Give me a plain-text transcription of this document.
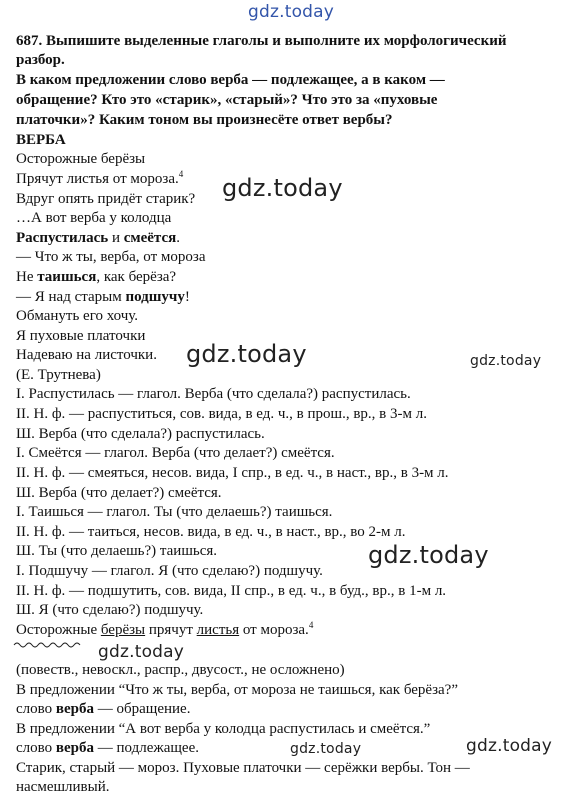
gdz.today
687. Выпишите выделенные глаголы и выполните их морфологический
разбор.
В каком предложении слово верба — подлежащее, а в каком —
обращение? Кто это «старик», «старый»? Что это за «пуховые
платочки»? Каким тоном вы произнесёте ответ вербы?
ВЕРБА
Осторожные берёзы
Прячут листья от мороза.$^4$ gdz.today
Вдруг опять придёт старик?
…А вот верба у колодца
Распустилась и смеётся.
— Что ж ты, верба, от мороза
Не таишься, как берёза?
— Я над старым подшучу!
Обмануть его хочу.
Я пуховые платочки
Надеваю на листочки. gdz.today	gdz.today
(Е. Трутнева)
I. Распустилась — глагол. Верба (что сделала?) распустилась.
II. Н. ф. — распуститься, сов. вида, в ед. ч., в прош., вр., в 3-м л.
Ш. Верба (что сделала?) распустилась.
I. Смеётся — глагол. Верба (что делает?) смеётся.
II. Н. ф. — смеяться, несов. вида, I спр., в ед. ч., в наст., вр., в 3-м л.
Ш. Верба (что делает?) смеётся.
I. Таишься — глагол. Ты (что делаешь?) таишься.
II. Н. ф. — таиться, несов. вида, в ед. ч., в наст., вр., во 2-м л.
Ш. Ты (что делаешь?) таишься.	gdz.today
I. Подшучу — глагол. Я (что сделаю?) подшучу.
II. Н. ф. — подшутить, сов. вида, II спр., в ед. ч., в буд., вр., в 1-м л.
Ш. Я (что сделаю?) подшучу.
Осторожные берёзы прячут листья от мороза.$^4$
gdz.today
(повеств., невоскл., распр., двусост., не осложнено)
В предложении “Что ж ты, верба, от мороза не таишься, как берёза?”
слово верба — обращение.
В предложении “А вот верба у колодца распустилась и смеётся.”
слово верба — подлежащее.	gdz.today	gdz.today
Старик, старый — мороз. Пуховые платочки — серёжки вербы. Тон —
насмешливый.
